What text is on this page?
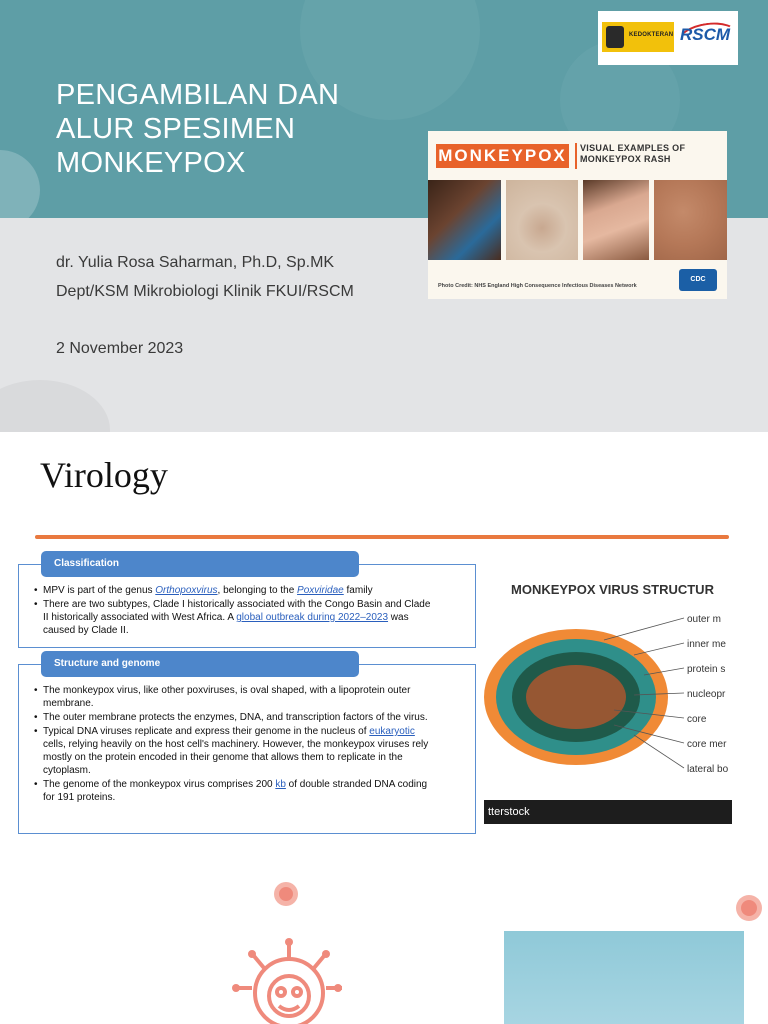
PENGAMBILAN DAN
ALUR SPESIMEN
MONKEYPOX
KEDOKTERAN RSCM
MONKEYPOX VISUAL EXAMPLES OF
MONKEYPOX RASH
Photo Credit: NHS England High Consequence Infectious Diseases Network
CDC
dr. Yulia Rosa Saharman, Ph.D, Sp.MK
Dept/KSM Mikrobiologi Klinik FKUI/RSCM
2 November 2023
Virology
Classification
• MPV is part of the genus Orthopoxvirus, belonging to the Poxviridae family
• There are two subtypes, Clade I historically associated with the Congo Basin and Clade II historically associated with West Africa. A global outbreak during 2022–2023 was caused by Clade II.
Structure and genome
• The monkeypox virus, like other poxviruses, is oval shaped, with a lipoprotein outer membrane.
• The outer membrane protects the enzymes, DNA, and transcription factors of the virus.
• Typical DNA viruses replicate and express their genome in the nucleus of eukaryotic cells, relying heavily on the host cell's machinery. However, the monkeypox viruses rely mostly on the protein encoded in their genome that allows them to replicate in the cytoplasm.
• The genome of the monkeypox virus comprises 200 kb of double stranded DNA coding for 191 proteins.
MONKEYPOX VIRUS STRUCTUR
outer m
inner me
protein s
nucleopr
core
core mer
lateral bo
tterstock
